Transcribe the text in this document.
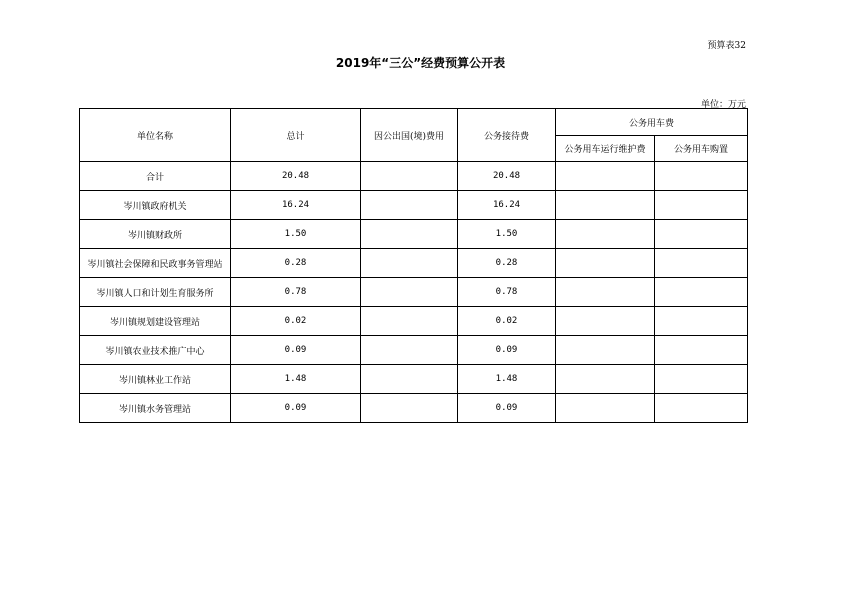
预算表32
2019年“三公”经费预算公开表
单位：万元
单位名称	总计	因公出国(境)费用	公务接待费	公务用车费	
				公务用车运行维护费	公务用车购置
合计	20.48		20.48		
岑川镇政府机关	16.24		16.24		
岑川镇财政所	1.50		1.50		
岑川镇社会保障和民政事务管理站	0.28		0.28		
岑川镇人口和计划生育服务所	0.78		0.78		
岑川镇规划建设管理站	0.02		0.02		
岑川镇农业技术推广中心	0.09		0.09		
岑川镇林业工作站	1.48		1.48		
岑川镇水务管理站	0.09		0.09		
